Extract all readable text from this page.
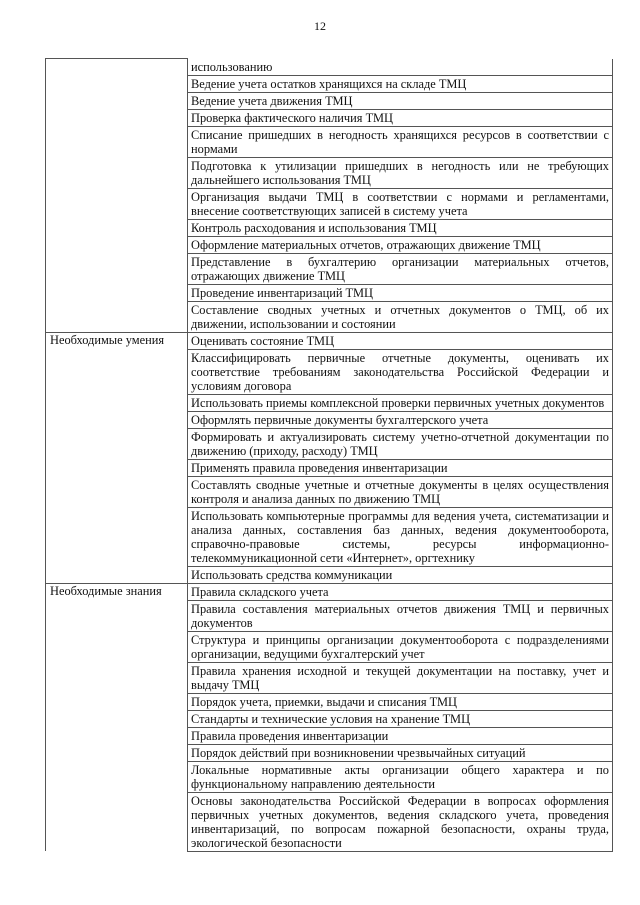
12
	использованию
	Ведение учета остатков хранящихся на складе ТМЦ
	Ведение учета движения ТМЦ
	Проверка фактического наличия ТМЦ
	Списание пришедших в негодность хранящихся ресурсов в соответствии с нормами
	Подготовка к утилизации пришедших в негодность или не требующих дальнейшего использования ТМЦ
	Организация выдачи ТМЦ в соответствии с нормами и регламентами, внесение соответствующих записей в систему учета
	Контроль расходования и использования ТМЦ
	Оформление материальных отчетов, отражающих движение ТМЦ
	Представление в бухгалтерию организации материальных отчетов, отражающих движение ТМЦ
	Проведение инвентаризаций ТМЦ
	Составление сводных учетных и отчетных документов о ТМЦ, об их движении, использовании и состоянии
Необходимые умения	Оценивать состояние ТМЦ
	Классифицировать первичные отчетные документы, оценивать их соответствие требованиям законодательства Российской Федерации и условиям договора
	Использовать приемы комплексной проверки первичных учетных документов
	Оформлять первичные документы бухгалтерского учета
	Формировать и актуализировать систему учетно-отчетной документации по движению (приходу, расходу) ТМЦ
	Применять правила проведения инвентаризации
	Составлять сводные учетные и отчетные документы в целях осуществления контроля и анализа данных по движению ТМЦ
	Использовать компьютерные программы для ведения учета, систематизации и анализа данных, составления баз данных, ведения документооборота, справочно-правовые системы, ресурсы информационно-телекоммуникационной сети «Интернет», оргтехнику
	Использовать средства коммуникации
Необходимые знания	Правила складского учета
	Правила составления материальных отчетов движения ТМЦ и первичных документов
	Структура и принципы организации документооборота с подразделениями организации, ведущими бухгалтерский учет
	Правила хранения исходной и текущей документации на поставку, учет и выдачу ТМЦ
	Порядок учета, приемки, выдачи и списания ТМЦ
	Стандарты и технические условия на хранение ТМЦ
	Правила проведения инвентаризации
	Порядок действий при возникновении чрезвычайных ситуаций
	Локальные нормативные акты организации общего характера и по функциональному направлению деятельности
	Основы законодательства Российской Федерации в вопросах оформления первичных учетных документов, ведения складского учета, проведения инвентаризаций, по вопросам пожарной безопасности, охраны труда, экологической безопасности
